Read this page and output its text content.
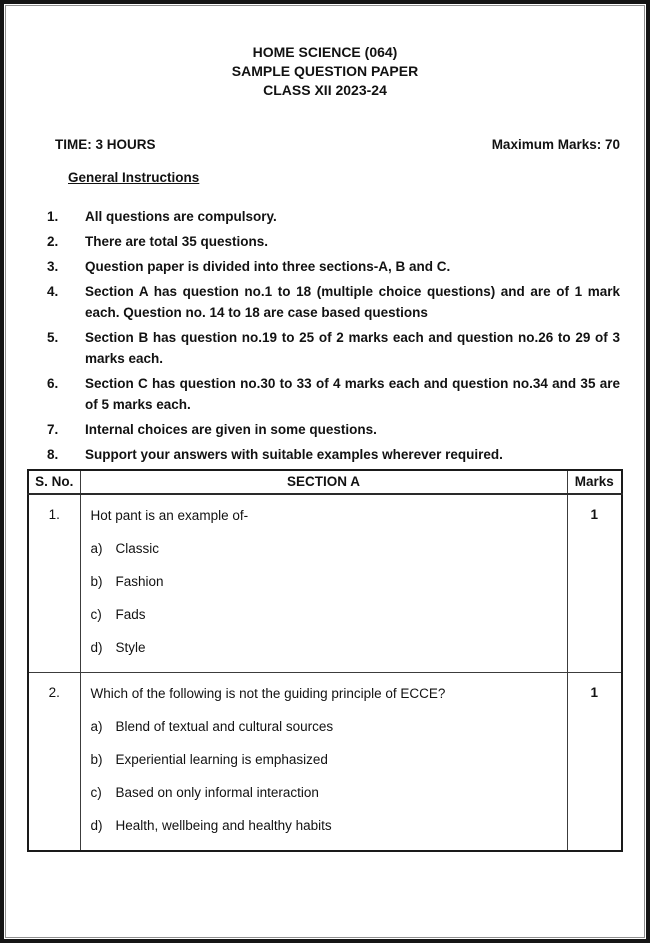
HOME SCIENCE (064)
SAMPLE QUESTION PAPER
CLASS XII 2023-24
TIME: 3 HOURS	Maximum Marks: 70
General Instructions
1.	All questions are compulsory.
2.	There are total 35 questions.
3.	Question paper is divided into three sections-A, B and C.
4.	Section A has question no.1 to 18 (multiple choice questions) and are of 1 mark each. Question no. 14 to 18 are case based questions
5.	Section B has question no.19 to 25 of 2 marks each and question no.26 to 29 of 3 marks each.
6.	Section C has question no.30 to 33 of 4 marks each and question no.34 and 35 are of 5 marks each.
7.	Internal choices are given in some questions.
8.	Support your answers with suitable examples wherever required.
S. No.	SECTION A	Marks
1.	Hot pant is an example of-
a) Classic
b) Fashion
c)	Fads
d) Style
	1
2.	Which of the following is not the guiding principle of ECCE?
a) Blend of textual and cultural sources
b) Experiential learning is emphasized
c)	Based on only informal interaction
d) Health, wellbeing and healthy habits
	1
